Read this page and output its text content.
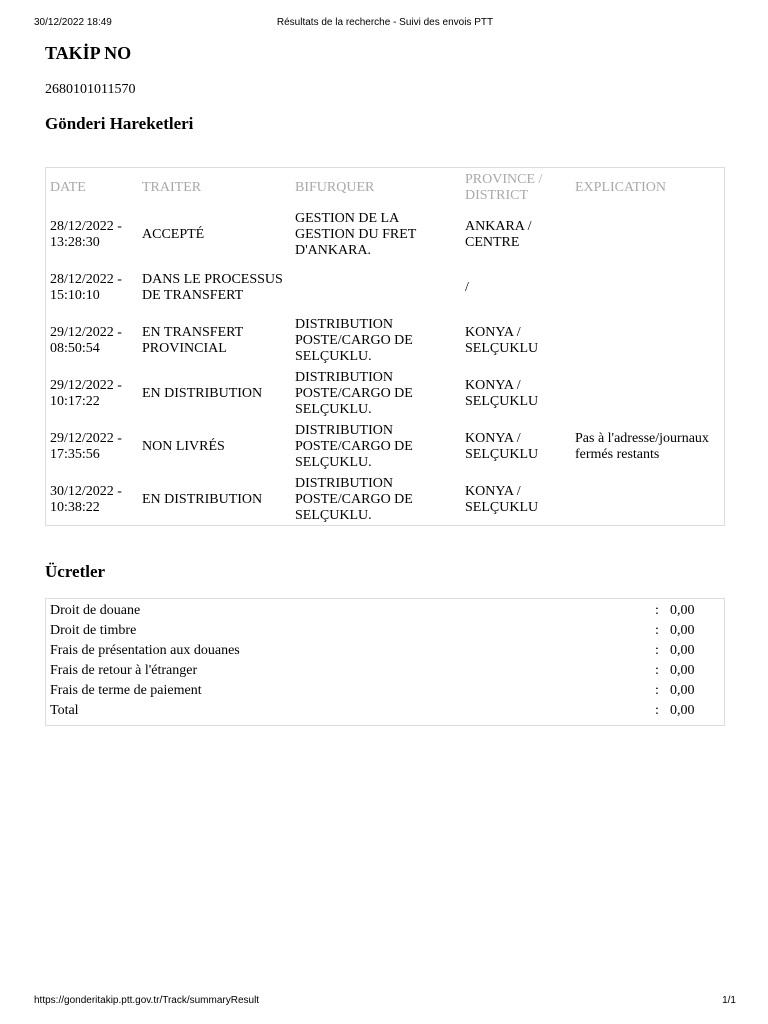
30/12/2022 18:49	Résultats de la recherche - Suivi des envois PTT
TAKİP NO
2680101011570
Gönderi Hareketleri
DATE	TRAITER	BIFURQUER	PROVINCE / DISTRICT	EXPLICATION
28/12/2022 - 13:28:30	ACCEPTÉ	GESTION DE LA GESTION DU FRET D'ANKARA.	ANKARA / CENTRE	
28/12/2022 - 15:10:10	DANS LE PROCESSUS DE TRANSFERT		/	
29/12/2022 - 08:50:54	EN TRANSFERT PROVINCIAL	DISTRIBUTION POSTE/CARGO DE SELÇUKLU.	KONYA / SELÇUKLU	
29/12/2022 - 10:17:22	EN DISTRIBUTION	DISTRIBUTION POSTE/CARGO DE SELÇUKLU.	KONYA / SELÇUKLU	
29/12/2022 - 17:35:56	NON LIVRÉS	DISTRIBUTION POSTE/CARGO DE SELÇUKLU.	KONYA / SELÇUKLU	Pas à l'adresse/journaux fermés restants
30/12/2022 - 10:38:22	EN DISTRIBUTION	DISTRIBUTION POSTE/CARGO DE SELÇUKLU.	KONYA / SELÇUKLU	
Ücretler
Droit de douane	:	0,00
Droit de timbre	:	0,00
Frais de présentation aux douanes	:	0,00
Frais de retour à l'étranger	:	0,00
Frais de terme de paiement	:	0,00
Total	:	0,00
https://gonderitakip.ptt.gov.tr/Track/summaryResult	1/1
